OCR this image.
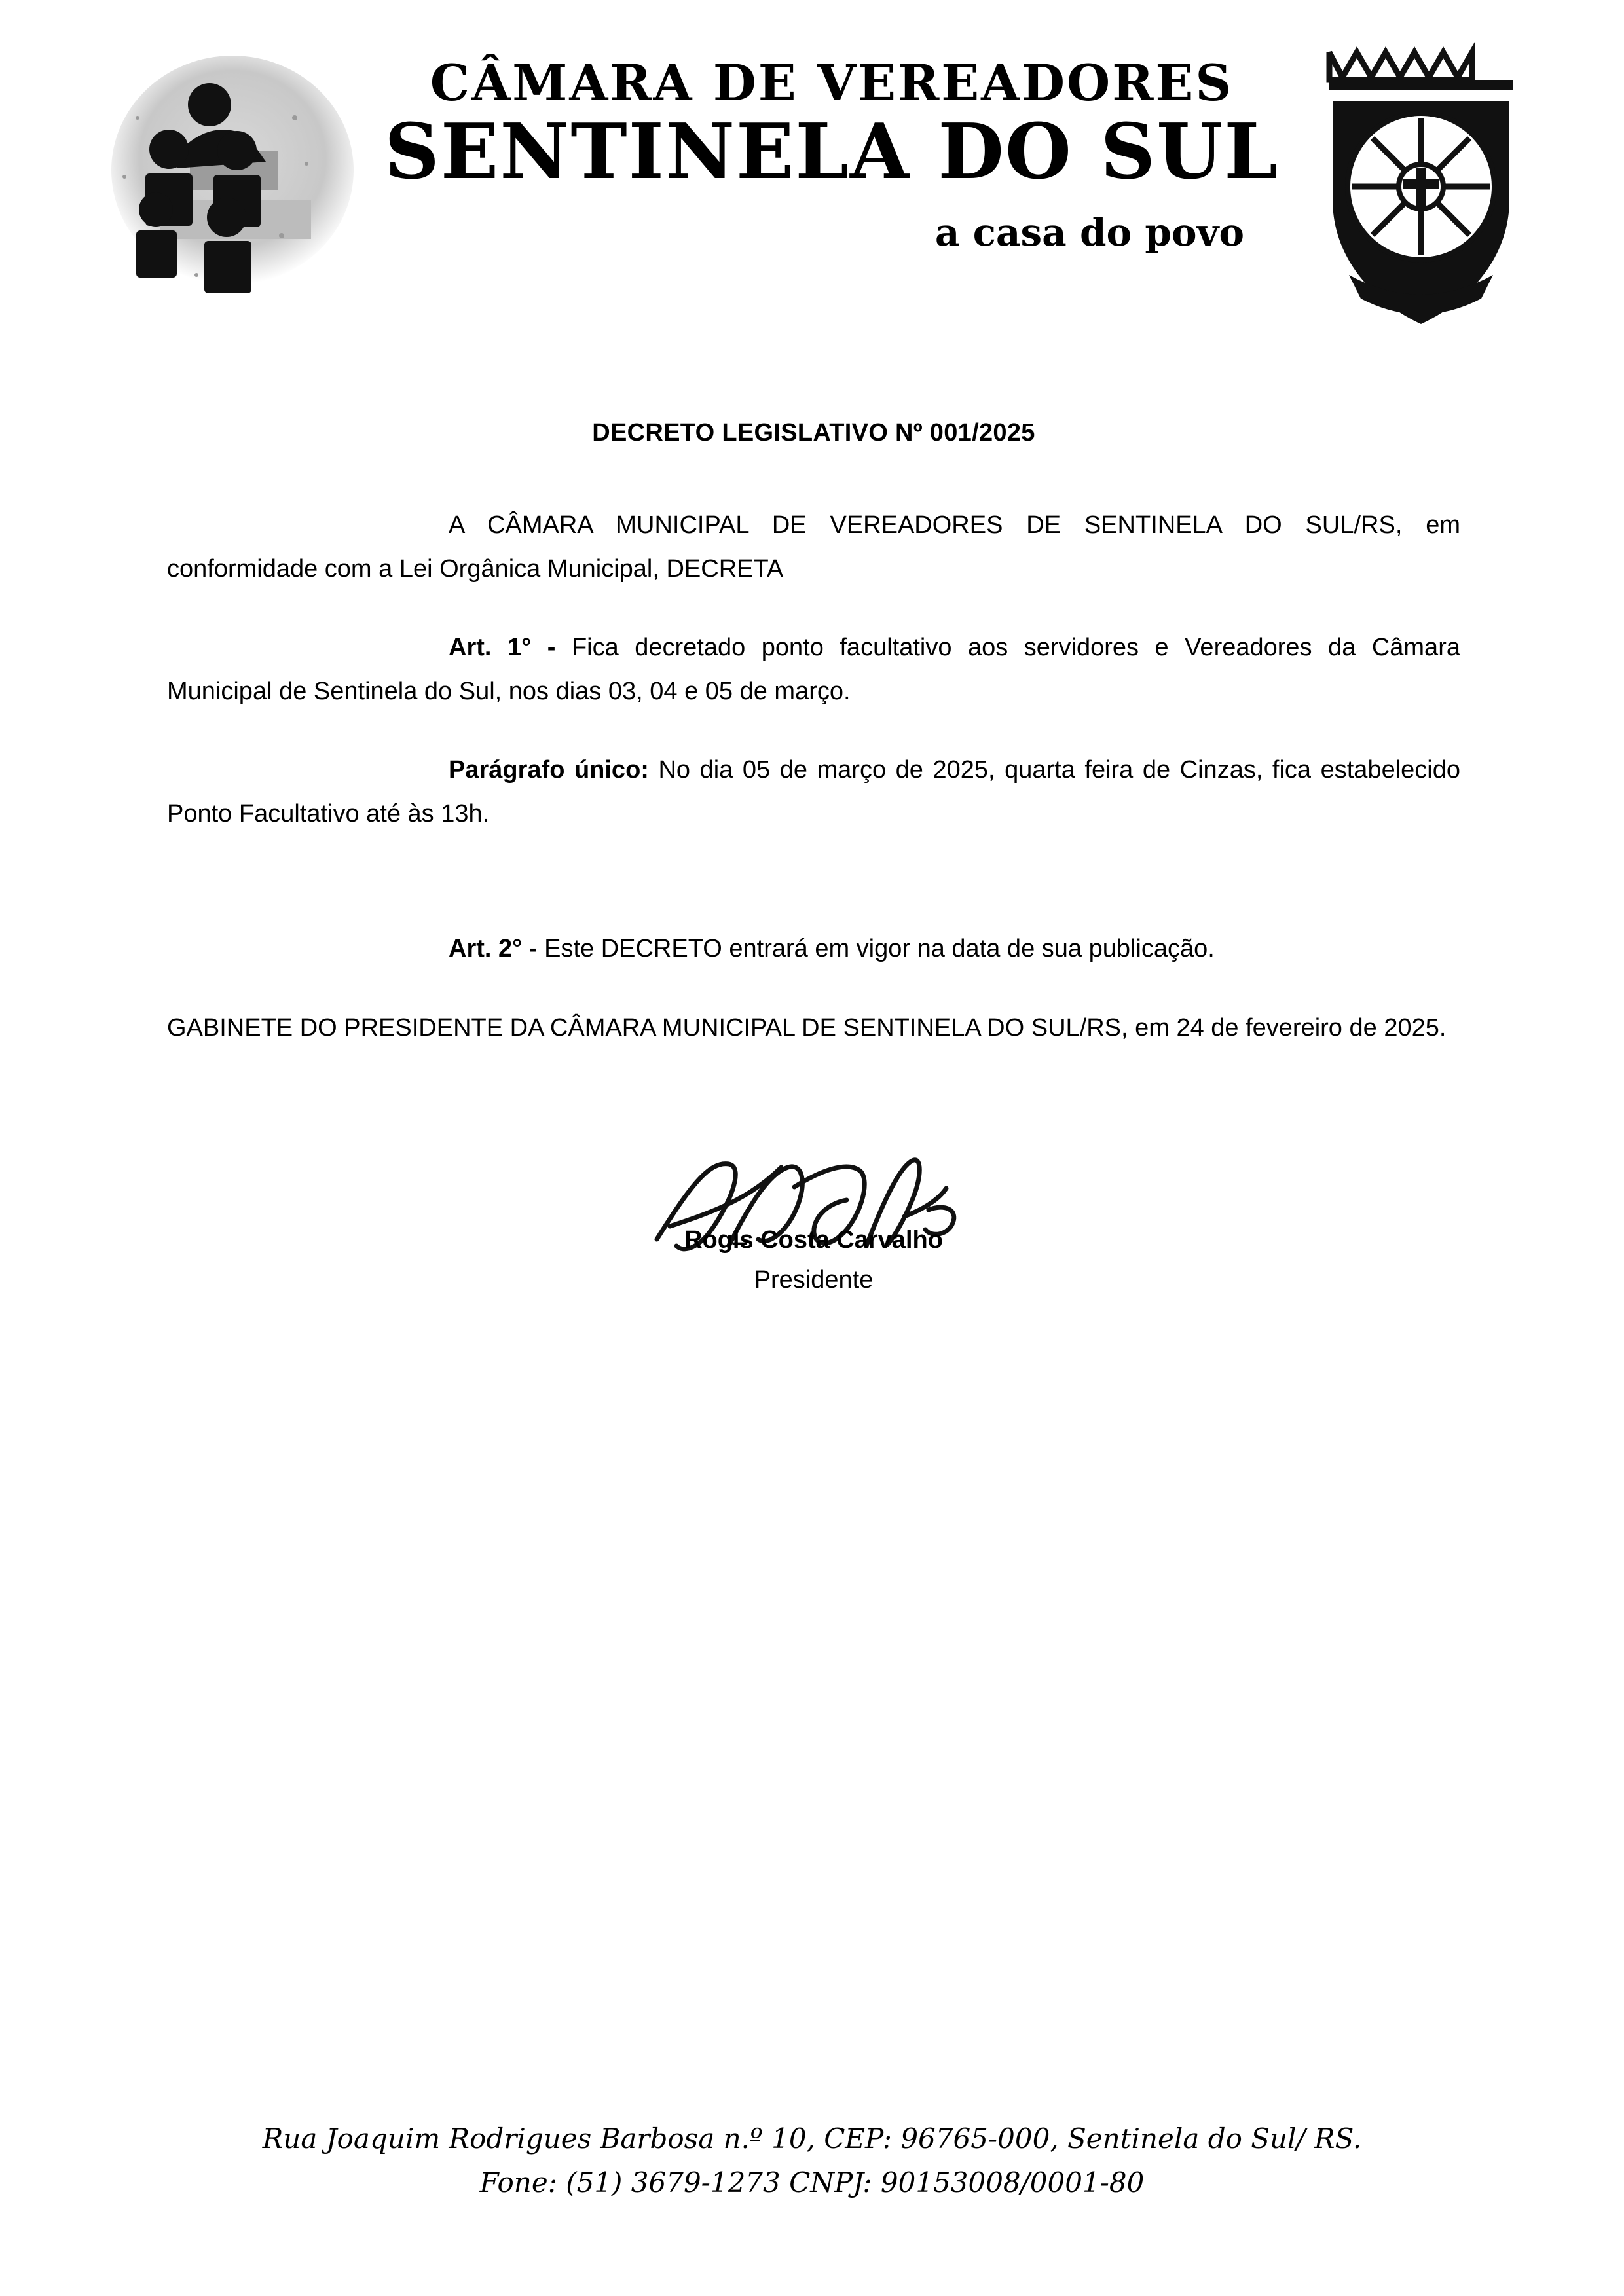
CÂMARA DE VEREADORES
SENTINELA DO SUL
a casa do povo
DECRETO LEGISLATIVO Nº 001/2025

A CÂMARA MUNICIPAL DE VEREADORES DE SENTINELA DO SUL/RS, em conformidade com a Lei Orgânica Municipal, DECRETA

Art. 1° - Fica decretado ponto facultativo aos servidores e Vereadores da Câmara Municipal de Sentinela do Sul, nos dias 03, 04 e 05 de março.

Parágrafo único: No dia 05 de março de 2025, quarta feira de Cinzas, fica estabelecido Ponto Facultativo até às 13h.

Art. 2° - Este DECRETO entrará em vigor na data de sua publicação.

GABINETE DO PRESIDENTE DA CÂMARA MUNICIPAL DE SENTINELA DO SUL/RS, em 24 de fevereiro de 2025.

Rogl̶s Costa Carvalho
Presidente
Rua Joaquim Rodrigues Barbosa n.º 10, CEP: 96765-000, Sentinela do Sul/ RS.
Fone: (51) 3679-1273 CNPJ: 90153008/0001-80
